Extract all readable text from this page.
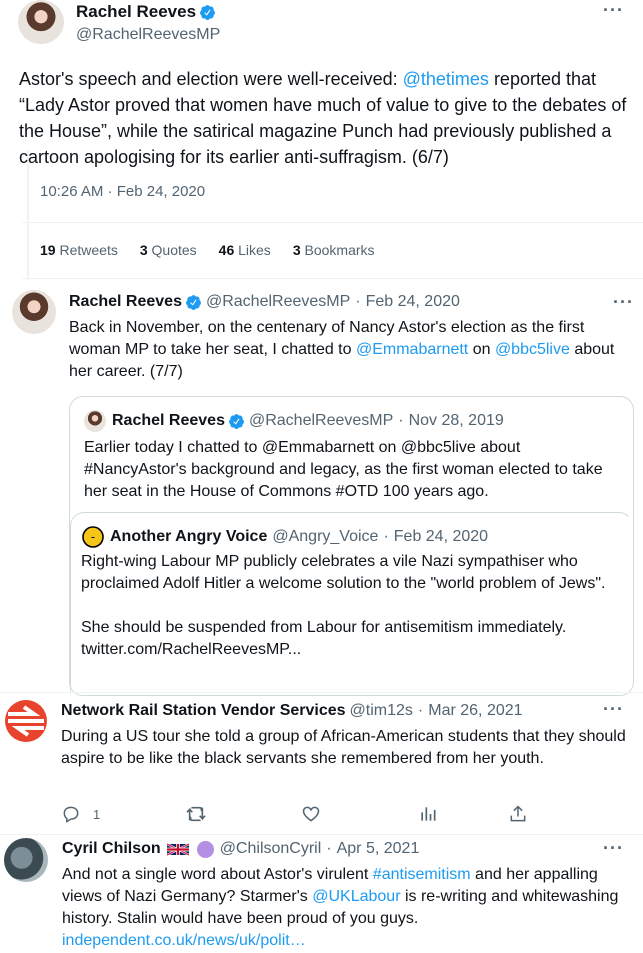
Rachel Reeves
@RachelReevesMP
···
Astor's speech and election were well-received: @thetimes reported that “Lady Astor proved that women have much of value to give to the debates of the House”, while the satirical magazine Punch had previously published a cartoon apologising for its earlier anti-suffragism. (6/7)
10:26 AM · Feb 24, 2020
19 Retweets 3 Quotes 46 Likes 3 Bookmarks
Rachel Reeves @RachelReevesMP · Feb 24, 2020	···
Back in November, on the centenary of Nancy Astor's election as the first woman MP to take her seat, I chatted to @Emmabarnett on @bbc5live about her career. (7/7)
Rachel Reeves @RachelReevesMP · Nov 28, 2019
Earlier today I chatted to @Emmabarnett on @bbc5live about #NancyAstor's background and legacy, as the first woman elected to take her seat in the House of Commons #OTD 100 years ago.
Another Angry Voice @Angry_Voice · Feb 24, 2020
Right-wing Labour MP publicly celebrates a vile Nazi sympathiser who proclaimed Adolf Hitler a welcome solution to the "world problem of Jews".
She should be suspended from Labour for antisemitism immediately.
twitter.com/RachelReevesMP...
Network Rail Station Vendor Services @tim12s · Mar 26, 2021	···
During a US tour she told a group of African-American students that they should aspire to be like the black servants she remembered from her youth.
1
Cyril Chilson	@ChilsonCyril · Apr 5, 2021	···
And not a single word about Astor's virulent #antisemitism and her appalling views of Nazi Germany? Starmer's @UKLabour is re-writing and whitewashing history. Stalin would have been proud of you guys.
independent.co.uk/news/uk/polit…
